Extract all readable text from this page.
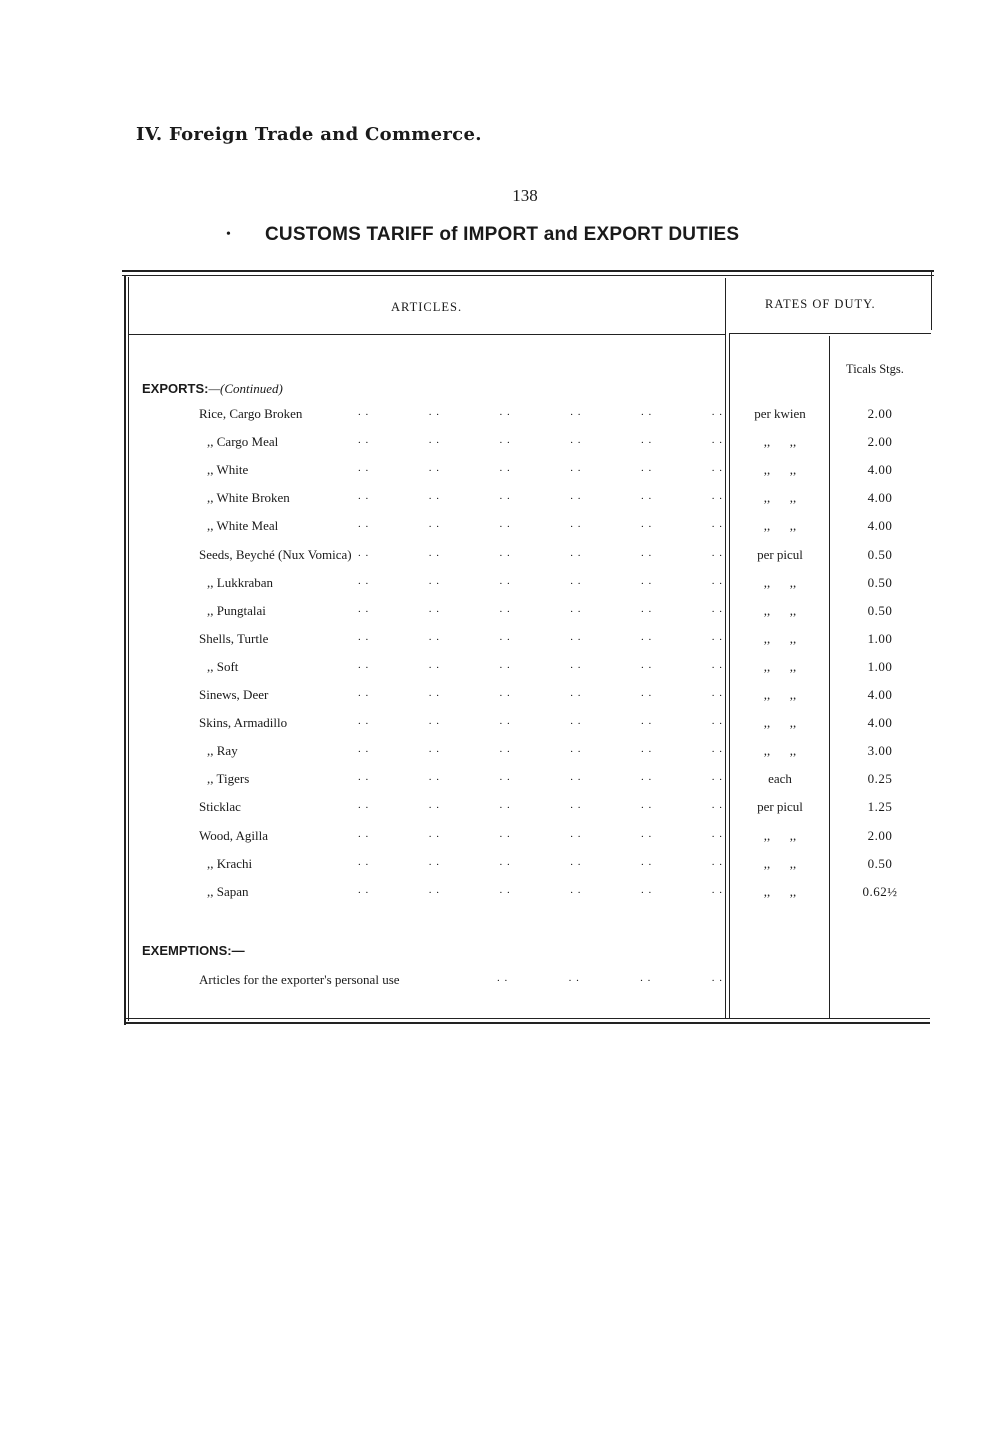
IV. Foreign Trade and Commerce.
138
• CUSTOMS TARIFF of IMPORT and EXPORT DUTIES
ARTICLES.	RATES OF DUTY.
Ticals Stgs.
EXPORTS:—(Continued)
Rice, Cargo Broken	. .	. .	. .	. .	. .	. .	per kwien	2.00
,, Cargo Meal	. .	. .	. .	. .	. .	. .	,,      ,,	2.00
,, White	. .	. .	. .	. .	. .	. .	,,      ,,	4.00
,, White Broken	. .	. .	. .	. .	. .	. .	,,      ,,	4.00
,, White Meal	. .	. .	. .	. .	. .	. .	,,      ,,	4.00
Seeds, Beyché (Nux Vomica) . .	. .	. .	. .	. .	. .	per picul	0.50
,, Lukkraban	. .	. .	. .	. .	. .	. .	,,      ,,	0.50
,, Pungtalai	. .	. .	. .	. .	. .	. .	,,      ,,	0.50
Shells, Turtle	. .	. .	. .	. .	. .	. .	,,      ,,	1.00
,, Soft	. .	. .	. .	. .	. .	. .	,,      ,,	1.00
Sinews, Deer	. .	. .	. .	. .	. .	. .	,,      ,,	4.00
Skins, Armadillo	. .	. .	. .	. .	. .	. .	,,      ,,	4.00
,, Ray	. .	. .	. .	. .	. .	. .	,,      ,,	3.00
,, Tigers	. .	. .	. .	. .	. .	. .	each	0.25
Sticklac	. .	. .	. .	. .	. .	. .	per picul	1.25
Wood, Agilla	. .	. .	. .	. .	. .	. .	,,      ,,	2.00
,, Krachi	. .	. .	. .	. .	. .	. .	,,      ,,	0.50
,, Sapan	. .	. .	. .	. .	. .	. .	,,      ,,	0.62½
EXEMPTIONS:—
Articles for the exporter's personal use	. .	. .	. .	. .
